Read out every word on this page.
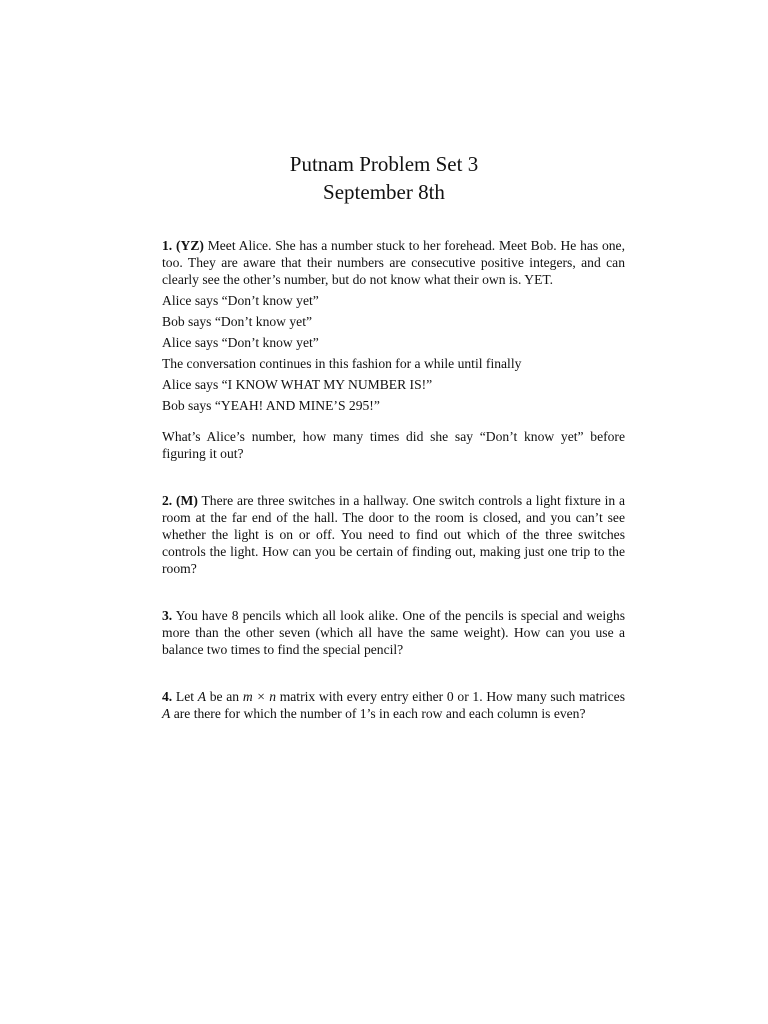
Putnam Problem Set 3
September 8th
1. (YZ) Meet Alice. She has a number stuck to her forehead. Meet Bob. He has one, too. They are aware that their numbers are consecutive positive integers, and can clearly see the other’s number, but do not know what their own is. YET.
Alice says “Don’t know yet”
Bob says “Don’t know yet”
Alice says “Don’t know yet”
The conversation continues in this fashion for a while until finally
Alice says “I KNOW WHAT MY NUMBER IS!”
Bob says “YEAH! AND MINE’S 295!”
What’s Alice’s number, how many times did she say “Don’t know yet” before figuring it out?
2. (M) There are three switches in a hallway. One switch controls a light fixture in a room at the far end of the hall. The door to the room is closed, and you can’t see whether the light is on or off. You need to find out which of the three switches controls the light. How can you be certain of finding out, making just one trip to the room?
3. You have 8 pencils which all look alike. One of the pencils is special and weighs more than the other seven (which all have the same weight). How can you use a balance two times to find the special pencil?
4. Let A be an m × n matrix with every entry either 0 or 1. How many such matrices A are there for which the number of 1’s in each row and each column is even?
